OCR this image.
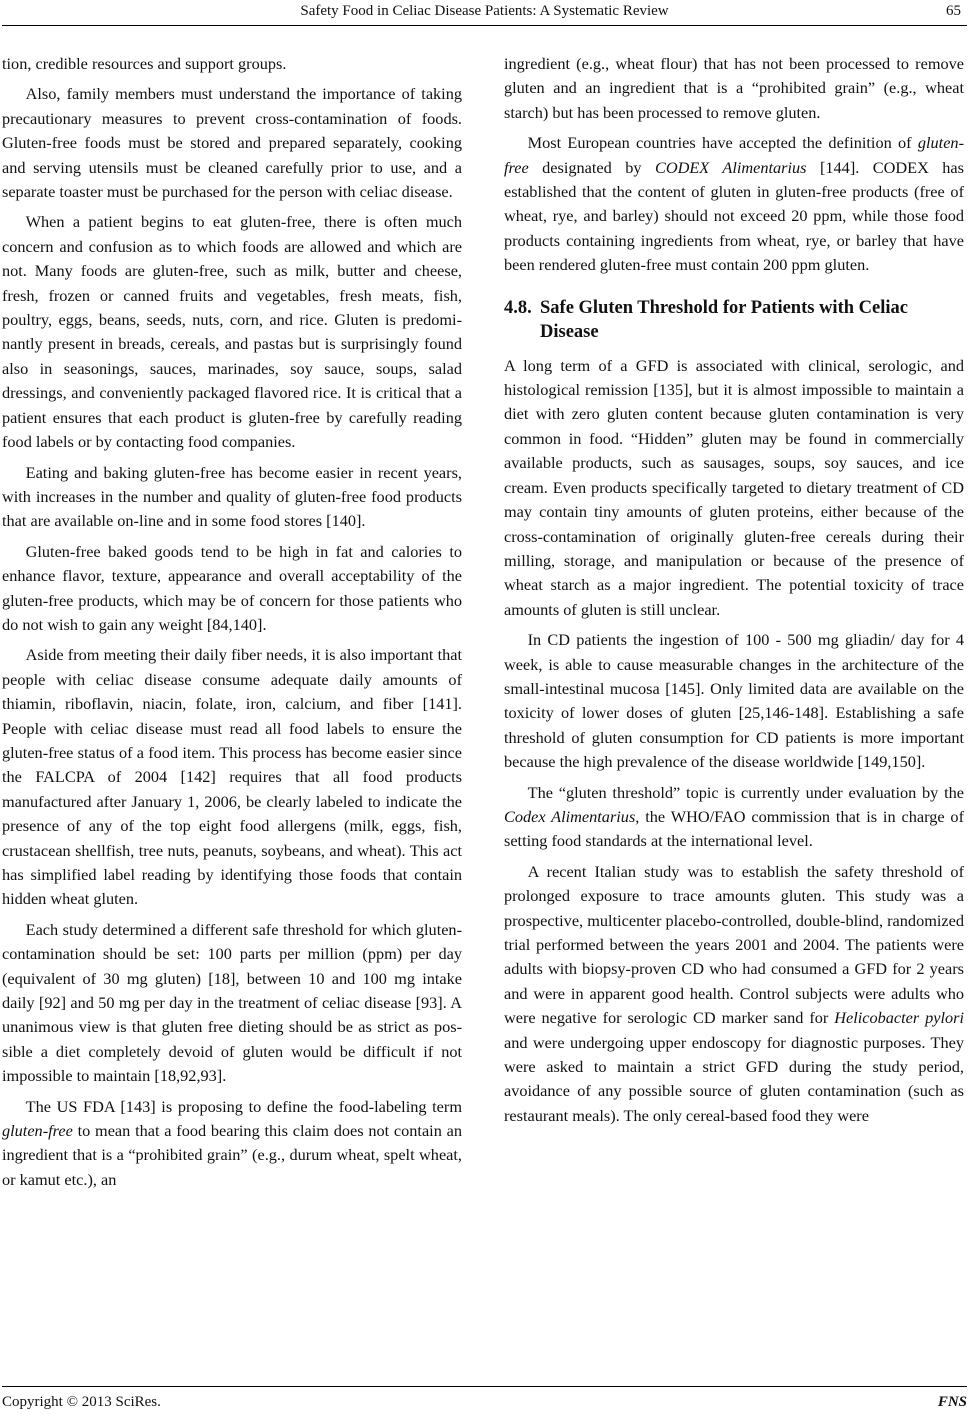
Safety Food in Celiac Disease Patients: A Systematic Review	65

tion, credible resources and support groups.

Also, family members must understand the importance of taking precautionary measures to prevent cross-contamination of foods. Gluten-free foods must be stored and prepared separately, cooking and serving utensils must be cleaned carefully prior to use, and a separate toaster must be purchased for the person with celiac disease.

When a patient begins to eat gluten-free, there is often much concern and confusion as to which foods are allowed and which are not. Many foods are gluten-free, such as milk, butter and cheese, fresh, frozen or canned fruits and vegetables, fresh meats, fish, poultry, eggs, beans, seeds, nuts, corn, and rice. Gluten is predominantly present in breads, cereals, and pastas but is surprisingly found also in seasonings, sauces, marinades, soy sauce, soups, salad dressings, and conveniently packaged flavored rice. It is critical that a patient ensures that each product is gluten-free by carefully reading food labels or by contacting food companies.

Eating and baking gluten-free has become easier in recent years, with increases in the number and quality of gluten-free food products that are available on-line and in some food stores [140].

Gluten-free baked goods tend to be high in fat and calories to enhance flavor, texture, appearance and overall acceptability of the gluten-free products, which may be of concern for those patients who do not wish to gain any weight [84,140].

Aside from meeting their daily fiber needs, it is also important that people with celiac disease consume adequate daily amounts of thiamin, riboflavin, niacin, folate, iron, calcium, and fiber [141]. People with celiac disease must read all food labels to ensure the gluten-free status of a food item. This process has become easier since the FALCPA of 2004 [142] requires that all food products manufactured after January 1, 2006, be clearly labeled to indicate the presence of any of the top eight food allergens (milk, eggs, fish, crustacean shellfish, tree nuts, peanuts, soybeans, and wheat). This act has simplified label reading by identifying those foods that contain hidden wheat gluten.

Each study determined a different safe threshold for which gluten-contamination should be set: 100 parts per million (ppm) per day (equivalent of 30 mg gluten) [18], between 10 and 100 mg intake daily [92] and 50 mg per day in the treatment of celiac disease [93]. A unanimous view is that gluten free dieting should be as strict as possible a diet completely devoid of gluten would be difficult if not impossible to maintain [18,92,93].

The US FDA [143] is proposing to define the food-labeling term gluten-free to mean that a food bearing this claim does not contain an ingredient that is a “prohibited grain” (e.g., durum wheat, spelt wheat, or kamut etc.), an

ingredient (e.g., wheat flour) that has not been processed to remove gluten and an ingredient that is a “prohibited grain” (e.g., wheat starch) but has been processed to remove gluten.

Most European countries have accepted the definition of gluten-free designated by CODEX Alimentarius [144]. CODEX has established that the content of gluten in gluten-free products (free of wheat, rye, and barley) should not exceed 20 ppm, while those food products containing ingredients from wheat, rye, or barley that have been rendered gluten-free must contain 200 ppm gluten.

4.8. Safe Gluten Threshold for Patients with Celiac Disease

A long term of a GFD is associated with clinical, serologic, and histological remission [135], but it is almost impossible to maintain a diet with zero gluten content because gluten contamination is very common in food. “Hidden” gluten may be found in commercially available products, such as sausages, soups, soy sauces, and ice cream. Even products specifically targeted to dietary treatment of CD may contain tiny amounts of gluten proteins, either because of the cross-contamination of originally gluten-free cereals during their milling, storage, and manipulation or because of the presence of wheat starch as a major ingredient. The potential toxicity of trace amounts of gluten is still unclear.

In CD patients the ingestion of 100 - 500 mg gliadin/ day for 4 week, is able to cause measurable changes in the architecture of the small-intestinal mucosa [145]. Only limited data are available on the toxicity of lower doses of gluten [25,146-148]. Establishing a safe threshold of gluten consumption for CD patients is more important because the high prevalence of the disease worldwide [149,150].

The “gluten threshold” topic is currently under evaluation by the Codex Alimentarius, the WHO/FAO commission that is in charge of setting food standards at the international level.

A recent Italian study was to establish the safety threshold of prolonged exposure to trace amounts gluten. This study was a prospective, multicenter placebo-controlled, double-blind, randomized trial performed between the years 2001 and 2004. The patients were adults with biopsy-proven CD who had consumed a GFD for 2 years and were in apparent good health. Control subjects were adults who were negative for serologic CD marker sand for Helicobacter pylori and were undergoing upper endoscopy for diagnostic purposes. They were asked to maintain a strict GFD during the study period, avoidance of any possible source of gluten contamination (such as restaurant meals). The only cereal-based food they were

Copyright © 2013 SciRes.	FNS
